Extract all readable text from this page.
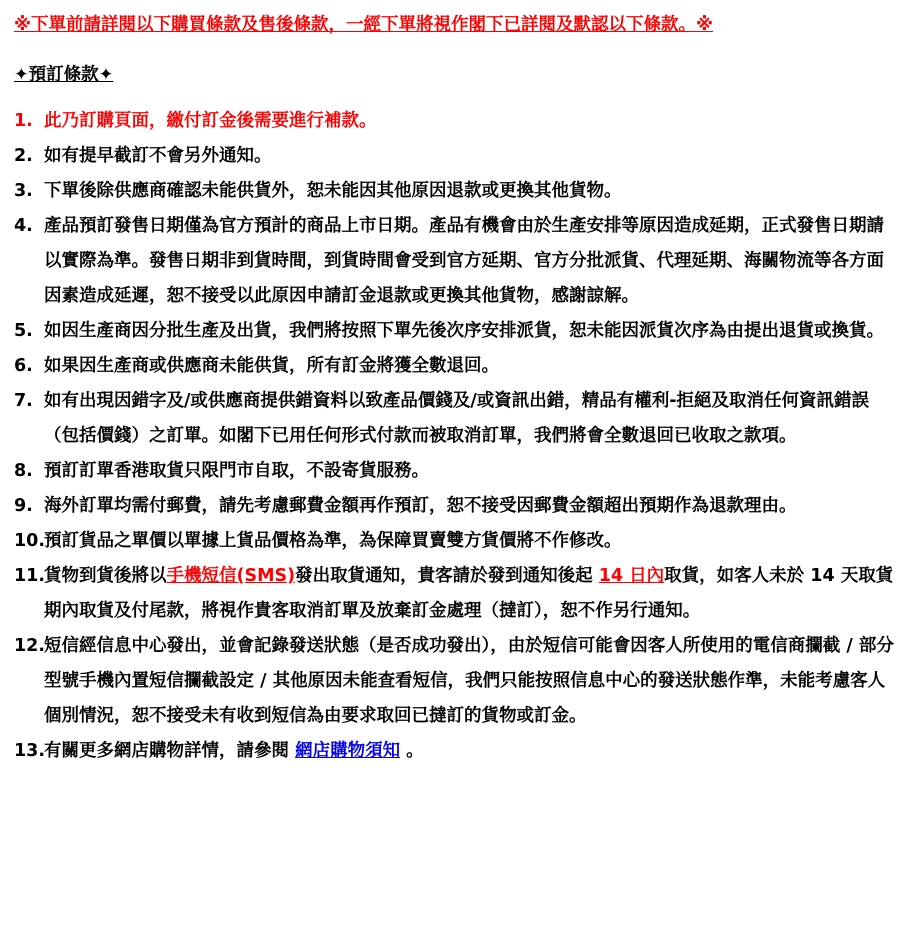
※下單前請詳閱以下購買條款及售後條款，一經下單將視作閣下已詳閱及默認以下條款。※

✦預訂條款✦
1. 此乃訂購頁面，繳付訂金後需要進行補款。
2. 如有提早截訂不會另外通知。
3. 下單後除供應商確認未能供貨外，恕未能因其他原因退款或更換其他貨物。
4. 產品預訂發售日期僅為官方預計的商品上市日期。產品有機會由於生產安排等原因造成延期，正式發售日期請以實際為準。發售日期非到貨時間，到貨時間會受到官方延期、官方分批派貨、代理延期、海關物流等各方面因素造成延遲，恕不接受以此原因申請訂金退款或更換其他貨物，感謝諒解。
5. 如因生產商因分批生產及出貨，我們將按照下單先後次序安排派貨，恕未能因派貨次序為由提出退貨或換貨。
6. 如果因生產商或供應商未能供貨，所有訂金將獲全數退回。
7. 如有出現因錯字及/或供應商提供錯資料以致產品價錢及/或資訊出錯，精品有權利-拒絕及取消任何資訊錯誤（包括價錢）之訂單。如閣下已用任何形式付款而被取消訂單，我們將會全數退回已收取之款項。
8. 預訂訂單香港取貨只限門市自取，不設寄貨服務。
9. 海外訂單均需付郵費，請先考慮郵費金額再作預訂，恕不接受因郵費金額超出預期作為退款理由。
10.
預訂貨品之單價以單據上貨品價格為準，為保障買賣雙方貨價將不作修改。
11.
貨物到貨後將以手機短信(SMS)發出取貨通知，貴客請於發到通知後起 14 日內取貨，如客人未於 14 天取貨期內取貨及付尾款，將視作貴客取消訂單及放棄訂金處理（撻訂），恕不作另行通知。
12.
短信經信息中心發出，並會記錄發送狀態（是否成功發出），由於短信可能會因客人所使用的電信商攔截 / 部分型號手機內置短信攔截設定 / 其他原因未能查看短信，我們只能按照信息中心的發送狀態作準，未能考慮客人個別情況，恕不接受未有收到短信為由要求取回已撻訂的貨物或訂金。
13.
有關更多網店購物詳情，請參閱 網店購物須知 。
